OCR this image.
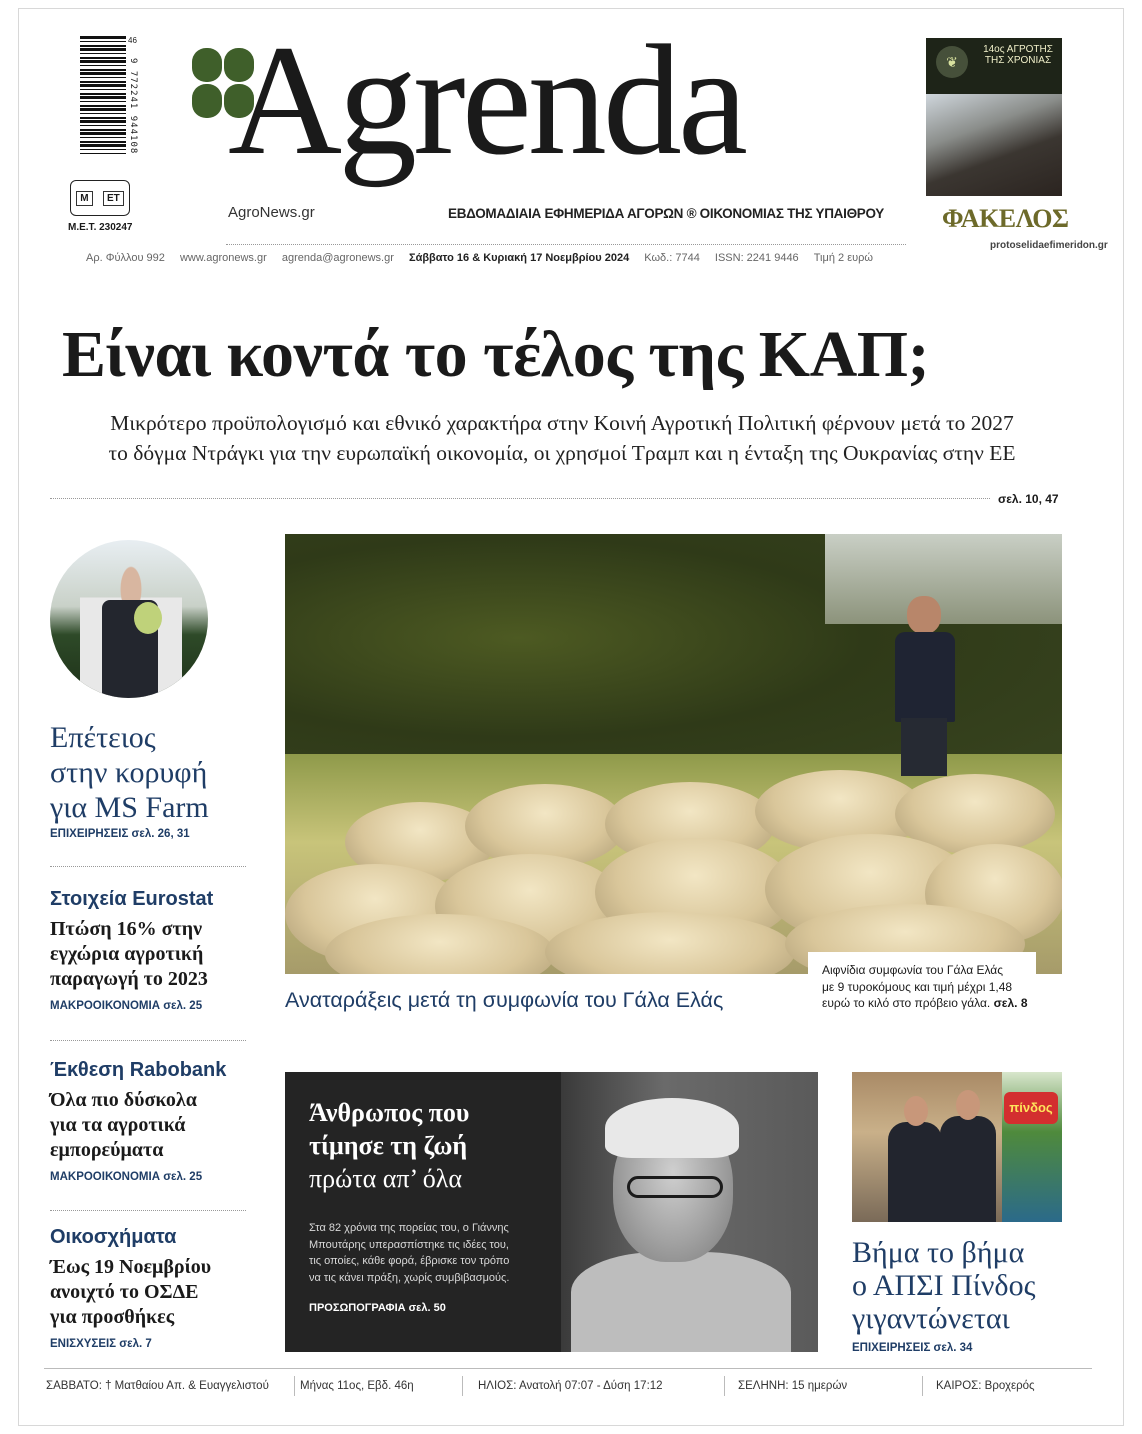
9 772241 944108
46
Μ	ΕΤ
Μ.Ε.Τ. 230247
Agrenda
AgroNews.gr	ΕΒΔΟΜΑΔΙΑΙΑ ΕΦΗΜΕΡΙΔΑ ΑΓΟΡΩΝ ® ΟΙΚΟΝΟΜΙΑΣ ΤΗΣ ΥΠΑΙΘΡΟΥ
❦
14ος ΑΓΡΟΤΗΣ ΤΗΣ ΧΡΟΝΙΑΣ
ΦΑΚΕΛΟΣ
protoselidaefimeridon.gr
Αρ. Φύλλου 992 www.agronews.gr agrenda@agronews.gr Σάββατο 16 & Κυριακή 17 Νοεμβρίου 2024 Κωδ.: 7744 ISSN: 2241 9446 Τιμή 2 ευρώ
Είναι κοντά το τέλος της ΚΑΠ;
Μικρότερο προϋπολογισμό και εθνικό χαρακτήρα στην Κοινή Αγροτική Πολιτική φέρνουν μετά το 2027
το δόγμα Ντράγκι για την ευρωπαϊκή οικονομία, οι χρησμοί Τραμπ και η ένταξη της Ουκρανίας στην ΕΕ
σελ. 10, 47
Επέτειος
στην κορυφή
για MS Farm
ΕΠΙΧΕΙΡΗΣΕΙΣ σελ. 26, 31
Στοιχεία Eurostat
Πτώση 16% στην
εγχώρια αγροτική
παραγωγή το 2023
ΜΑΚΡΟΟΙΚΟΝΟΜΙΑ σελ. 25
Έκθεση Rabobank
Όλα πιο δύσκολα
για τα αγροτικά
εμπορεύματα
ΜΑΚΡΟΟΙΚΟΝΟΜΙΑ σελ. 25
Οικοσχήματα
Έως 19 Νοεμβρίου
ανοιχτό το ΟΣΔΕ
για προσθήκες
ΕΝΙΣΧΥΣΕΙΣ σελ. 7
Αιφνίδια συμφωνία του Γάλα Ελάς
με 9 τυροκόμους και τιμή μέχρι 1,48
ευρώ το κιλό στο πρόβειο γάλα. σελ. 8
Αναταράξεις μετά τη συμφωνία του Γάλα Ελάς
Άνθρωπος που
τίμησε τη ζωή
πρώτα απ’ όλα
Στα 82 χρόνια της πορείας του, ο Γιάννης
Μπουτάρης υπερασπίστηκε τις ιδέες του,
τις οποίες, κάθε φορά, έβρισκε τον τρόπο
να τις κάνει πράξη, χωρίς συμβιβασμούς.
ΠΡΟΣΩΠΟΓΡΑΦΙΑ σελ. 50
πίνδος
Βήμα το βήμα
ο ΑΠΣΙ Πίνδος
γιγαντώνεται
ΕΠΙΧΕΙΡΗΣΕΙΣ σελ. 34
ΣΑΒΒΑΤΟ: † Ματθαίου Απ. & Ευαγγελιστού	Μήνας 11ος, Εβδ. 46η	ΗΛΙΟΣ: Ανατολή 07:07 - Δύση 17:12	ΣΕΛΗΝΗ: 15 ημερών	ΚΑΙΡΟΣ: Βροχερός
